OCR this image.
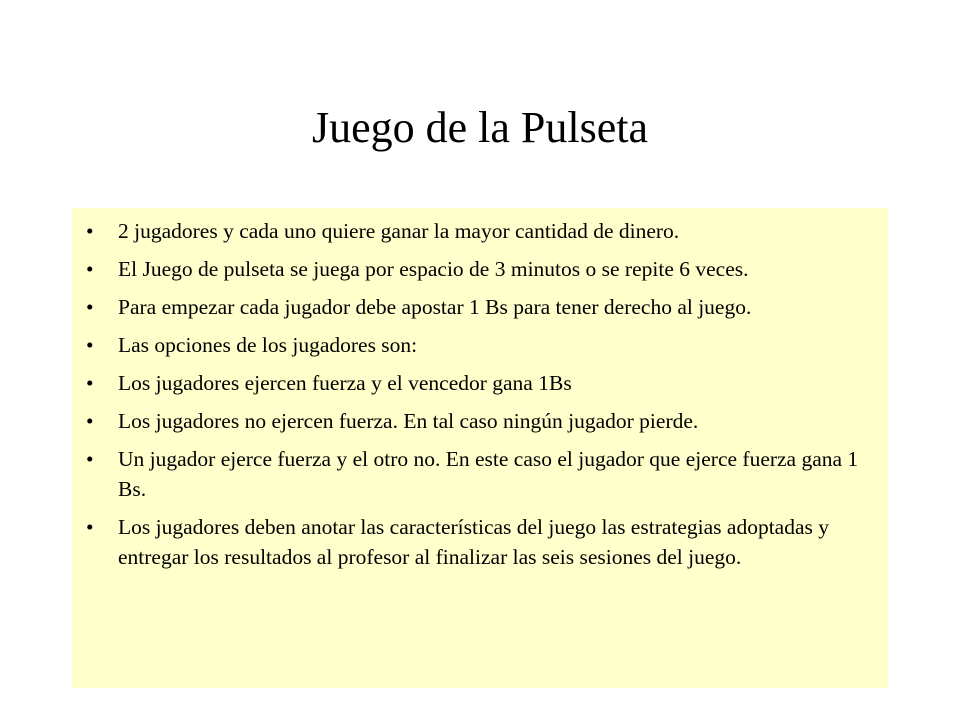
Juego de la Pulseta
• 2 jugadores y cada uno quiere ganar la mayor cantidad de dinero.
• El Juego de pulseta se juega por espacio de 3 minutos o se repite 6 veces.
• Para empezar cada jugador debe apostar 1 Bs para tener derecho al juego.
• Las opciones de los jugadores son:
• Los jugadores ejercen fuerza y el vencedor gana 1Bs
• Los jugadores no ejercen fuerza. En tal caso ningún jugador pierde.
• Un jugador ejerce fuerza y el otro no. En este caso el jugador que ejerce fuerza gana 1 Bs.
• Los jugadores deben anotar las características del juego las estrategias adoptadas y entregar los resultados al profesor al finalizar las seis sesiones del juego.
